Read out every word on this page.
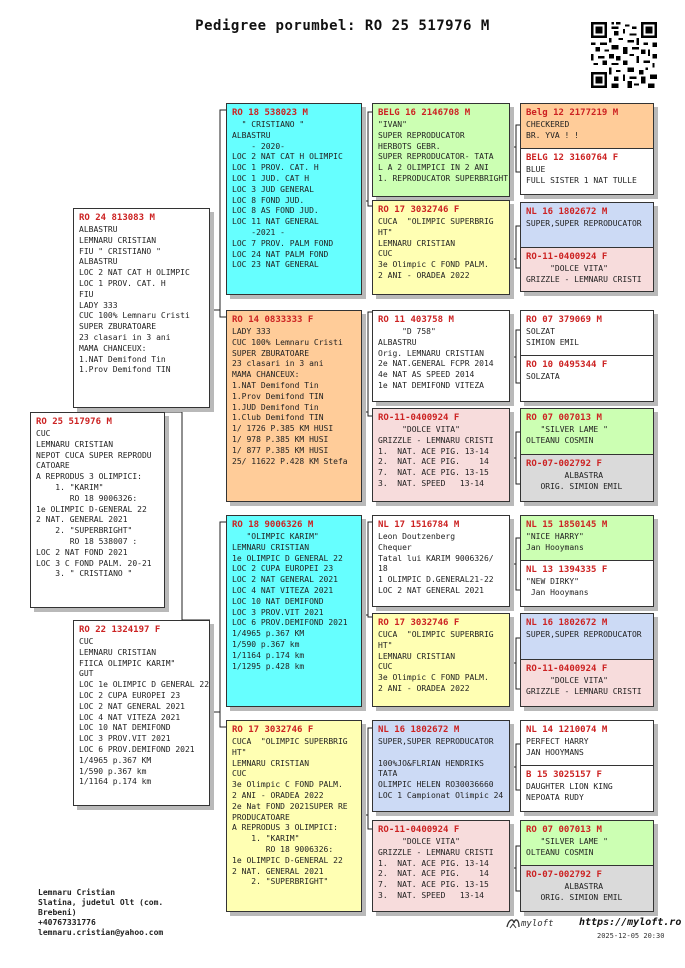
Pedigree porumbel: RO 25 517976 M
RO 25 517976 M
CUC
LEMNARU CRISTIAN
NEPOT CUCA SUPER REPRODU
CATOARE
A REPRODUS 3 OLIMPICI:
1. "KARIM"
RO 18 9006326:
1e OLIMPIC D-GENERAL 22
2 NAT. GENERAL 2021
2. "SUPERBRIGHT"
RO 18 538007 :
LOC 2 NAT FOND 2021
LOC 3 C FOND PALM. 20-21
3. " CRISTIANO "
RO 24 813083 M
ALBASTRU
LEMNARU CRISTIAN
FIU " CRISTIANO "
ALBASTRU
LOC 2 NAT CAT H OLIMPIC
LOC 1 PROV. CAT. H
FIU
LADY 333
CUC 100% Lemnaru Cristi
SUPER ZBURATOARE
23 clasari in 3 ani
MAMA CHANCEUX:
1.NAT Demifond Tin
1.Prov Demifond TIN
RO 22 1324197 F
CUC
LEMNARU CRISTIAN
FIICA OLIMPIC KARIM"
GUT
LOC 1e OLIMPIC D GENERAL 22
LOC 2 CUPA EUROPEI 23
LOC 2 NAT GENERAL 2021
LOC 4 NAT VITEZA 2021
LOC 10 NAT DEMIFOND
LOC 3 PROV.VIT 2021
LOC 6 PROV.DEMIFOND 2021
1/4965 p.367 KM
1/590 p.367 km
1/1164 p.174 km
RO 18 538023 M
" CRISTIANO "
ALBASTRU
- 2020-
LOC 2 NAT CAT H OLIMPIC
LOC 1 PROV. CAT. H
LOC 1 JUD. CAT H
LOC 3 JUD GENERAL
LOC 8 FOND JUD.
LOC 8 AS FOND JUD.
LOC 11 NAT GENERAL
-2021 -
LOC 7 PROV. PALM FOND
LOC 24 NAT PALM FOND
LOC 23 NAT GENERAL
RO 14 0833333 F
LADY 333
CUC 100% Lemnaru Cristi
SUPER ZBURATOARE
23 clasari in 3 ani
MAMA CHANCEUX:
1.NAT Demifond Tin
1.Prov Demifond TIN
1.JUD Demifond Tin
1.Club Demifond TIN
1/ 1726 P.385 KM HUSI
1/ 978 P.385 KM HUSI
1/ 877 P.385 KM HUSI
25/ 11622 P.428 KM Stefa
RO 18 9006326 M
"OLIMPIC KARIM"
LEMNARU CRISTIAN
1e OLIMPIC D GENERAL 22
LOC 2 CUPA EUROPEI 23
LOC 2 NAT GENERAL 2021
LOC 4 NAT VITEZA 2021
LOC 10 NAT DEMIFOND
LOC 3 PROV.VIT 2021
LOC 6 PROV.DEMIFOND 2021
1/4965 p.367 KM
1/590 p.367 km
1/1164 p.174 km
1/1295 p.428 km
RO 17 3032746 F
CUCA  "OLIMPIC SUPERBRIG
HT"
LEMNARU CRISTIAN
CUC
3e Olimpic C FOND PALM.
2 ANI - ORADEA 2022
2e Nat FOND 2021SUPER RE
PRODUCATOARE
A REPRODUS 3 OLIMPICI:
1. "KARIM"
RO 18 9006326:
1e OLIMPIC D-GENERAL 22
2 NAT. GENERAL 2021
2. "SUPERBRIGHT"
BELG 16 2146708 M
"IVAN"
SUPER REPRODUCATOR
HERBOTS GEBR.
SUPER REPRODUCATOR- TATA
L A 2 OLIMPICI IN 2 ANI
1. REPRODUCATOR SUPERBRIGHT
RO 17 3032746 F
CUCA  "OLIMPIC SUPERBRIG
HT"
LEMNARU CRISTIAN
CUC
3e Olimpic C FOND PALM.
2 ANI - ORADEA 2022
RO 11 403758 M
"D 758"
ALBASTRU
Orig. LEMNARU CRISTIAN
2e NAT.GENERAL FCPR 2014
4e NAT AS SPEED 2014
1e NAT DEMIFOND VITEZA
RO-11-0400924 F
"DOLCE VITA"
GRIZZLE - LEMNARU CRISTI
1.  NAT. ACE PIG. 13-14
2.  NAT. ACE PIG.    14
7.  NAT. ACE PIG. 13-15
3.  NAT. SPEED   13-14
NL 17 1516784 M
Leon Doutzenberg
Chequer
Tatal lui KARIM 9006326/
18
1 OLIMPIC D.GENERAL21-22
LOC 2 NAT GENERAL 2021
RO 17 3032746 F
CUCA  "OLIMPIC SUPERBRIG
HT"
LEMNARU CRISTIAN
CUC
3e Olimpic C FOND PALM.
2 ANI - ORADEA 2022
NL 16 1802672 M
SUPER,SUPER REPRODUCATOR

100%JO&FLRIAN HENDRIKS
TATA
OLIMPIC HELEN RO30036660
LOC 1 Campionat Olimpic 24
RO-11-0400924 F
"DOLCE VITA"
GRIZZLE - LEMNARU CRISTI
1.  NAT. ACE PIG. 13-14
2.  NAT. ACE PIG.    14
7.  NAT. ACE PIG. 13-15
3.  NAT. SPEED   13-14
Belg 12 2177219 M
CHECKERED
BR. YVA ! !
BELG 12 3160764 F
BLUE
FULL SISTER 1 NAT TULLE
NL 16 1802672 M
SUPER,SUPER REPRODUCATOR
RO-11-0400924 F
"DOLCE VITA"
GRIZZLE - LEMNARU CRISTI
RO 07 379069 M
SOLZAT
SIMION EMIL
RO 10 0495344 F
SOLZATA
RO 07 007013 M
"SILVER LAME "
OLTEANU COSMIN
RO-07-002792 F
ALBASTRA
ORIG. SIMION EMIL
NL 15 1850145 M
"NICE HARRY"
Jan Hooymans
NL 13 1394335 F
"NEW DIRKY"
Jan Hooymans
NL 16 1802672 M
SUPER,SUPER REPRODUCATOR
RO-11-0400924 F
"DOLCE VITA"
GRIZZLE - LEMNARU CRISTI
NL 14 1210074 M
PERFECT HARRY
JAN HOOYMANS
B 15 3025157 F
DAUGHTER LION KING
NEPOATA RUDY
RO 07 007013 M
"SILVER LAME "
OLTEANU COSMIN
RO-07-002792 F
ALBASTRA
ORIG. SIMION EMIL
Lemnaru Cristian
Slatina, judetul Olt (com.
Brebeni)
+40767331776
lemnaru.cristian@yahoo.com
myloft	https://myloft.ro
2025-12-05 20:30
